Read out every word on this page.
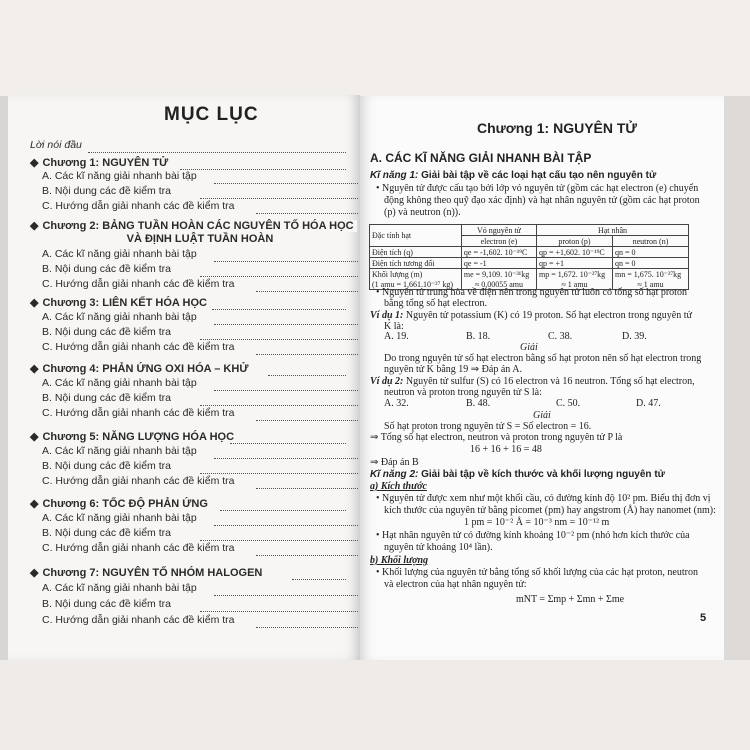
MỤC LỤC
Lời nói đầu
◆ Chương 1: NGUYÊN TỬ
A. Các kĩ năng giải nhanh bài tập
B. Nội dung các đề kiểm tra
C. Hướng dẫn giải nhanh các đề kiểm tra
◆ Chương 2: BẢNG TUẦN HOÀN CÁC NGUYÊN TỐ HÓA HỌC
VÀ ĐỊNH LUẬT TUẦN HOÀN
A. Các kĩ năng giải nhanh bài tập
B. Nội dung các đề kiểm tra
C. Hướng dẫn giải nhanh các đề kiểm tra
◆ Chương 3: LIÊN KẾT HÓA HỌC
A. Các kĩ năng giải nhanh bài tập
B. Nội dung các đề kiểm tra
C. Hướng dẫn giải nhanh các đề kiểm tra
◆ Chương 4: PHẢN ỨNG OXI HÓA – KHỬ
A. Các kĩ năng giải nhanh bài tập
B. Nội dung các đề kiểm tra
C. Hướng dẫn giải nhanh các đề kiểm tra
◆ Chương 5: NĂNG LƯỢNG HÓA HỌC
A. Các kĩ năng giải nhanh bài tập
B. Nội dung các đề kiểm tra
C. Hướng dẫn giải nhanh các đề kiểm tra
◆ Chương 6: TỐC ĐỘ PHẢN ỨNG
A. Các kĩ năng giải nhanh bài tập
B. Nội dung các đề kiểm tra
C. Hướng dẫn giải nhanh các đề kiểm tra
◆ Chương 7: NGUYÊN TỐ NHÓM HALOGEN
A. Các kĩ năng giải nhanh bài tập
B. Nội dung các đề kiểm tra
C. Hướng dẫn giải nhanh các đề kiểm tra
Chương 1: NGUYÊN TỬ
A. CÁC KĨ NĂNG GIẢI NHANH BÀI TẬP
Kĩ năng 1: Giải bài tập về các loại hạt cấu tạo nên nguyên tử
• Nguyên tử được cấu tạo bởi lớp vỏ nguyên tử (gồm các hạt electron (e) chuyển
động không theo quỹ đạo xác định) và hạt nhân nguyên tử (gồm các hạt proton
(p) và neutron (n)).
Đặc tính hạt	Vỏ nguyên tử	Hạt nhân	
	electron (e)	proton (p)	neutron (n)
Điện tích (q)	qe = -1,602. 10⁻¹⁹C	qp = +1,602. 10⁻¹⁹C	qn = 0
Điện tích tương đối	qe = -1	qp = +1	qn = 0
Khối lượng (m)	me = 9,109. 10⁻³¹kg	mp = 1,672. 10⁻²⁷kg	mn = 1,675. 10⁻²⁷kg
(1 amu = 1,661.10⁻²⁷ kg)	≈ 0,00055 amu	≈ 1 amu	≈ 1 amu
• Nguyên tử trung hòa về điện nên trong nguyên tử luôn có tổng số hạt proton
bằng tổng số hạt electron.
Ví dụ 1: Nguyên tử potassium (K) có 19 proton. Số hạt electron trong nguyên tử
K là:
A. 19.	B. 18.	C. 38.	D. 39.
Giải
Do trong nguyên tử số hạt electron bằng số hạt proton nên số hạt electron trong
nguyên tử K bằng 19 ⇒ Đáp án A.
Ví dụ 2: Nguyên tử sulfur (S) có 16 electron và 16 neutron. Tổng số hạt electron,
neutron và proton trong nguyên tử S là:
A. 32.	B. 48.	C. 50.	D. 47.
Giải
Số hạt proton trong nguyên tử S = Số electron = 16.
⇒ Tổng số hạt electron, neutron và proton trong nguyên tử P là
16 + 16 + 16 = 48
⇒ Đáp án B
Kĩ năng 2: Giải bài tập về kích thước và khối lượng nguyên tử
a) Kích thước
• Nguyên tử được xem như một khối cầu, có đường kính độ 10² pm. Biểu thị đơn vị
kích thước của nguyên tử bằng picomet (pm) hay angstrom (Å) hay nanomet (nm):
1 pm = 10⁻² Å = 10⁻³ nm = 10⁻¹² m
• Hạt nhân nguyên tử có đường kính khoảng 10⁻² pm (nhỏ hơn kích thước của
nguyên tử khoảng 10⁴ lần).
b) Khối lượng
• Khối lượng của nguyên tử bằng tổng số khối lượng của các hạt proton, neutron
và electron của hạt nhân nguyên tử:
mNT = Σmp + Σmn + Σme
5
